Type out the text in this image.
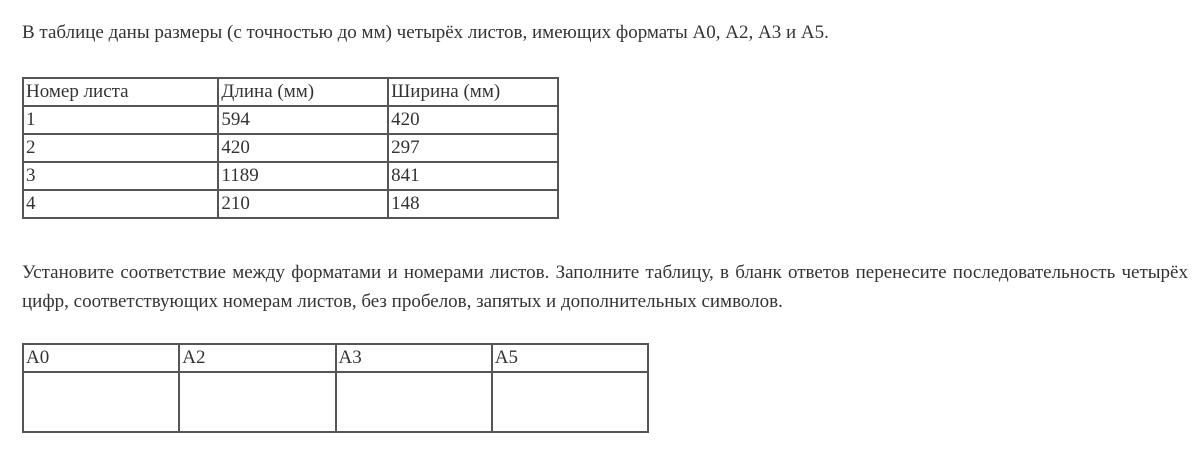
В таблице даны размеры (с точностью до мм) четырёх листов, имеющих форматы А0, А2, А3 и А5.

Номер листа	Длина (мм)	Ширина (мм)
1	594	420
2	420	297
3	1189	841
4	210	148

Установите соответствие между форматами и номерами листов. Заполните таблицу, в бланк ответов перенесите последовательность четырёх цифр, соответствующих номерам листов, без пробелов, запятых и дополнительных символов.

А0	А2	А3	А5
